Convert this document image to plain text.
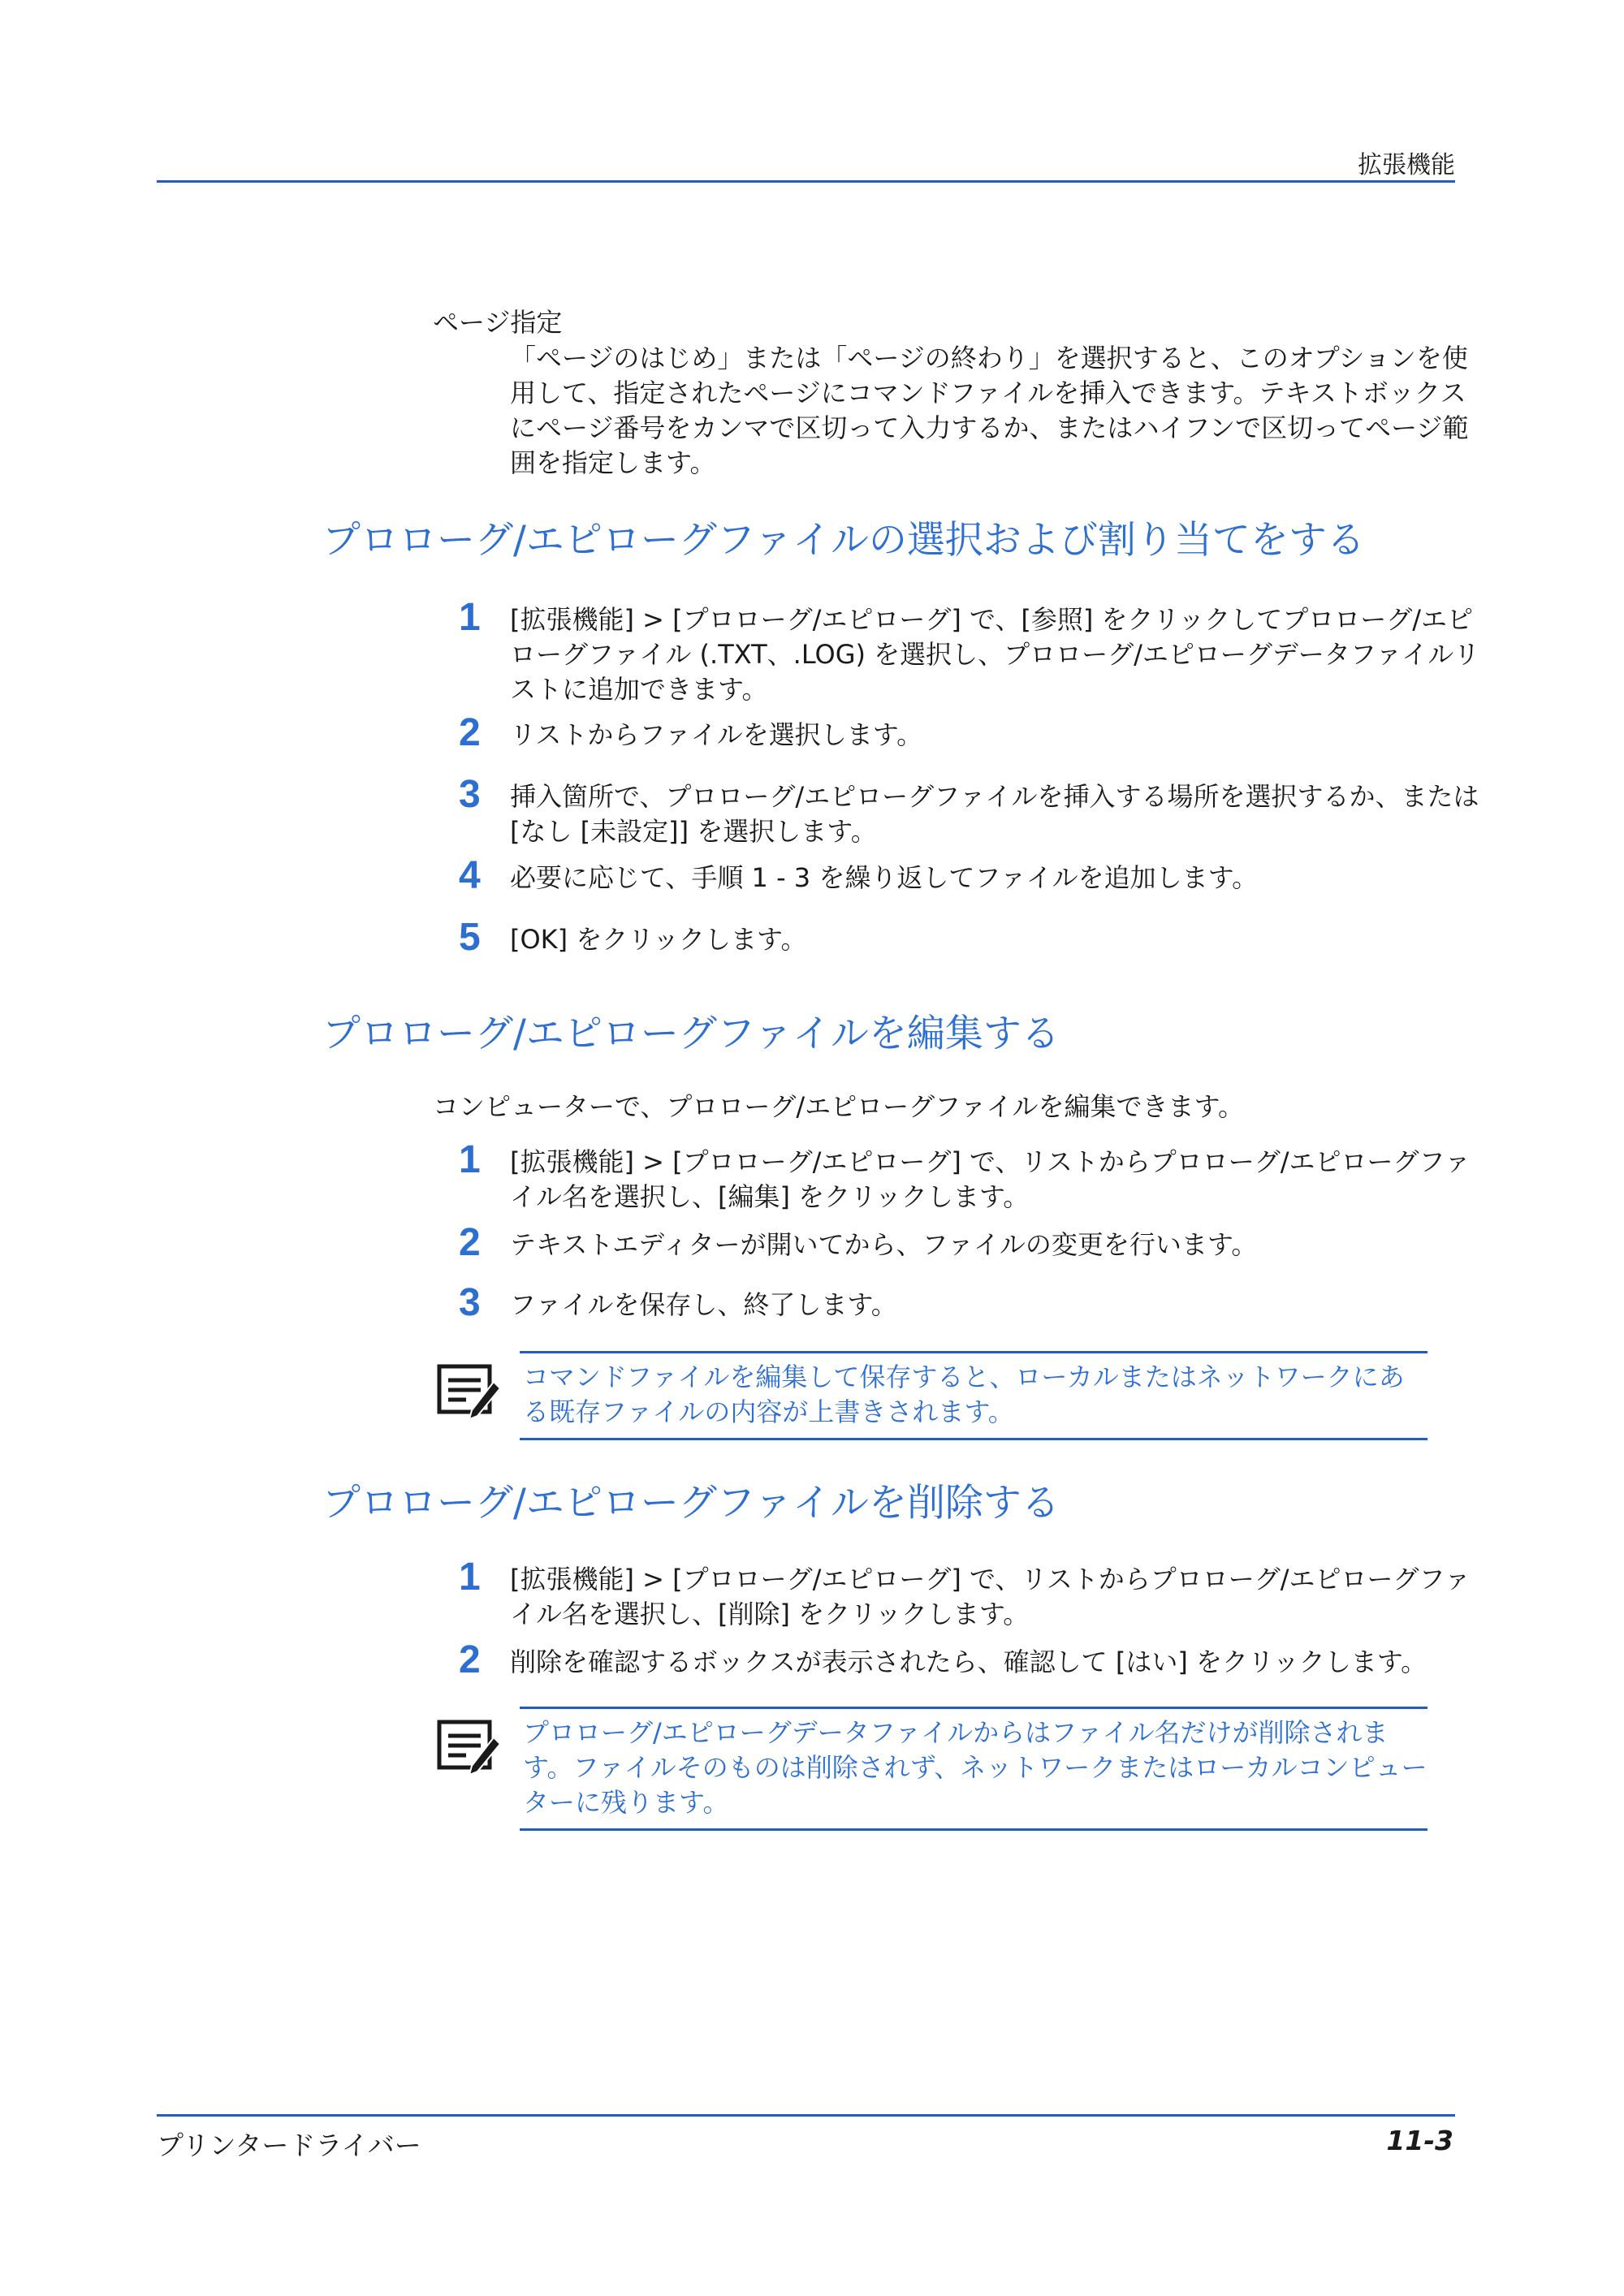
拡張機能
ページ指定
「ページのはじめ」または「ページの終わり」を選択すると、このオプションを使用して、指定されたページにコマンドファイルを挿入できます。テキストボックスにページ番号をカンマで区切って入力するか、またはハイフンで区切ってページ範囲を指定します。
プロローグ/エピローグファイルの選択および割り当てをする
1	[拡張機能] > [プロローグ/エピローグ] で、[参照] をクリックしてプロローグ/エピローグファイル (.TXT、.LOG) を選択し、プロローグ/エピローグデータファイルリストに追加できます。
2	リストからファイルを選択します。
3	挿入箇所で、プロローグ/エピローグファイルを挿入する場所を選択するか、または [なし [未設定]] を選択します。
4	必要に応じて、手順 1 - 3 を繰り返してファイルを追加します。
5	[OK] をクリックします。
プロローグ/エピローグファイルを編集する
コンピューターで、プロローグ/エピローグファイルを編集できます。
1	[拡張機能] > [プロローグ/エピローグ] で、リストからプロローグ/エピローグファイル名を選択し、[編集] をクリックします。
2	テキストエディターが開いてから、ファイルの変更を行います。
3	ファイルを保存し、終了します。
コマンドファイルを編集して保存すると、ローカルまたはネットワークにある既存ファイルの内容が上書きされます。
プロローグ/エピローグファイルを削除する
1	[拡張機能] > [プロローグ/エピローグ] で、リストからプロローグ/エピローグファイル名を選択し、[削除] をクリックします。
2	削除を確認するボックスが表示されたら、確認して [はい] をクリックします。
プロローグ/エピローグデータファイルからはファイル名だけが削除されます。ファイルそのものは削除されず、ネットワークまたはローカルコンピューターに残ります。
プリンタードライバー	11-3
